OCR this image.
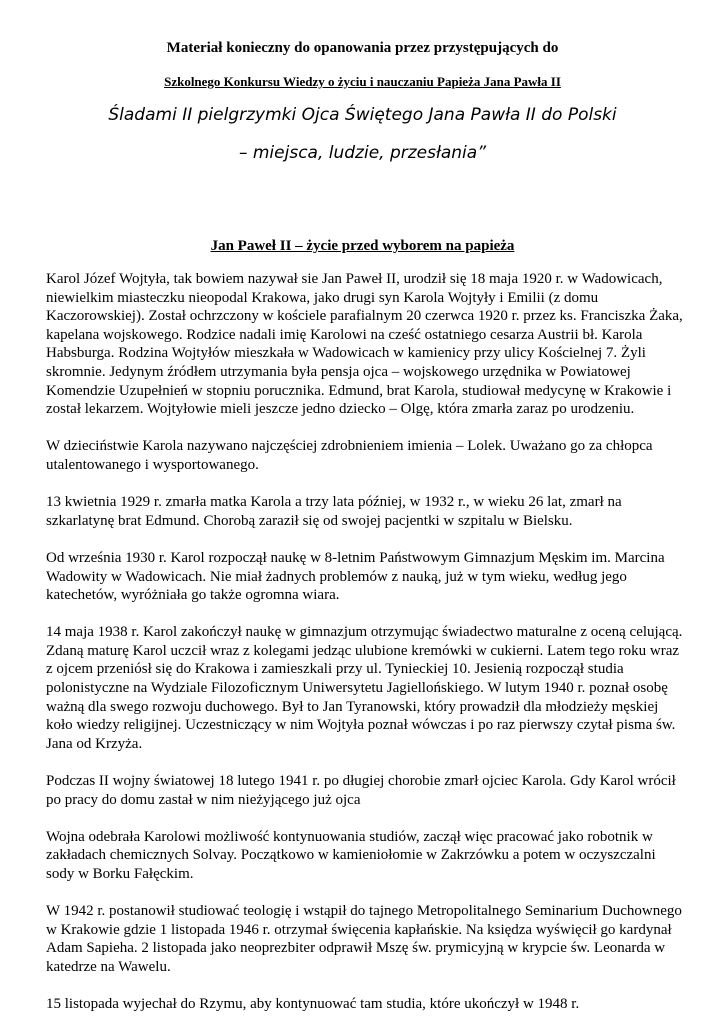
Materiał konieczny do opanowania przez przystępujących do
Szkolnego Konkursu Wiedzy o życiu i nauczaniu Papieża Jana Pawła II
Śladami II pielgrzymki Ojca Świętego Jana Pawła II do Polski
– miejsca, ludzie, przesłania”
Jan Paweł II – życie przed wyborem na papieża

Karol Józef Wojtyła, tak bowiem nazywał sie Jan Paweł II, urodził się 18 maja 1920 r. w Wadowicach, niewielkim miasteczku nieopodal Krakowa, jako drugi syn Karola Wojtyły i Emilii (z domu Kaczorowskiej). Został ochrzczony w kościele parafialnym 20 czerwca 1920 r. przez ks. Franciszka Żaka, kapelana wojskowego. Rodzice nadali imię Karolowi na cześć ostatniego cesarza Austrii bł. Karola Habsburga. Rodzina Wojtyłów mieszkała w Wadowicach w kamienicy przy ulicy Kościelnej 7. Żyli skromnie. Jedynym źródłem utrzymania była pensja ojca – wojskowego urzędnika w Powiatowej Komendzie Uzupełnień w stopniu porucznika. Edmund, brat Karola, studiował medycynę w Krakowie i został lekarzem. Wojtyłowie mieli jeszcze jedno dziecko – Olgę, która zmarła zaraz po urodzeniu.

W dzieciństwie Karola nazywano najczęściej zdrobnieniem imienia – Lolek. Uważano go za chłopca utalentowanego i wysportowanego.

13 kwietnia 1929 r. zmarła matka Karola a trzy lata później, w 1932 r., w wieku 26 lat, zmarł na szkarlatynę brat Edmund. Chorobą zaraził się od swojej pacjentki w szpitalu w Bielsku.

Od września 1930 r. Karol rozpoczął naukę w 8-letnim Państwowym Gimnazjum Męskim im. Marcina Wadowity w Wadowicach. Nie miał żadnych problemów z nauką, już w tym wieku, według jego katechetów, wyróżniała go także ogromna wiara.

14 maja 1938 r. Karol zakończył naukę w gimnazjum otrzymując świadectwo maturalne z oceną celującą. Zdaną maturę Karol uczcił wraz z kolegami jedząc ulubione kremówki w cukierni. Latem tego roku wraz z ojcem przeniósł się do Krakowa i zamieszkali przy ul. Tynieckiej 10. Jesienią rozpoczął studia polonistyczne na Wydziale Filozoficznym Uniwersytetu Jagiellońskiego. W lutym 1940 r. poznał osobę ważną dla swego rozwoju duchowego. Był to Jan Tyranowski, który prowadził dla młodzieży męskiej koło wiedzy religijnej. Uczestniczący w nim Wojtyła poznał wówczas i po raz pierwszy czytał pisma św. Jana od Krzyża.

Podczas II wojny światowej 18 lutego 1941 r. po długiej chorobie zmarł ojciec Karola. Gdy Karol wrócił po pracy do domu zastał w nim nieżyjącego już ojca

Wojna odebrała Karolowi możliwość kontynuowania studiów, zaczął więc pracować jako robotnik w zakładach chemicznych Solvay. Początkowo w kamieniołomie w Zakrzówku a potem w oczyszczalni sody w Borku Fałęckim.

W 1942 r. postanowił studiować teologię i wstąpił do tajnego Metropolitalnego Seminarium Duchownego w Krakowie gdzie 1 listopada 1946 r. otrzymał święcenia kapłańskie. Na księdza wyświęcił go kardynał Adam Sapieha. 2 listopada jako neoprezbiter odprawił Mszę św. prymicyjną w krypcie św. Leonarda w katedrze na Wawelu.

15 listopada wyjechał do Rzymu, aby kontynuować tam studia, które ukończył w 1948 r.
